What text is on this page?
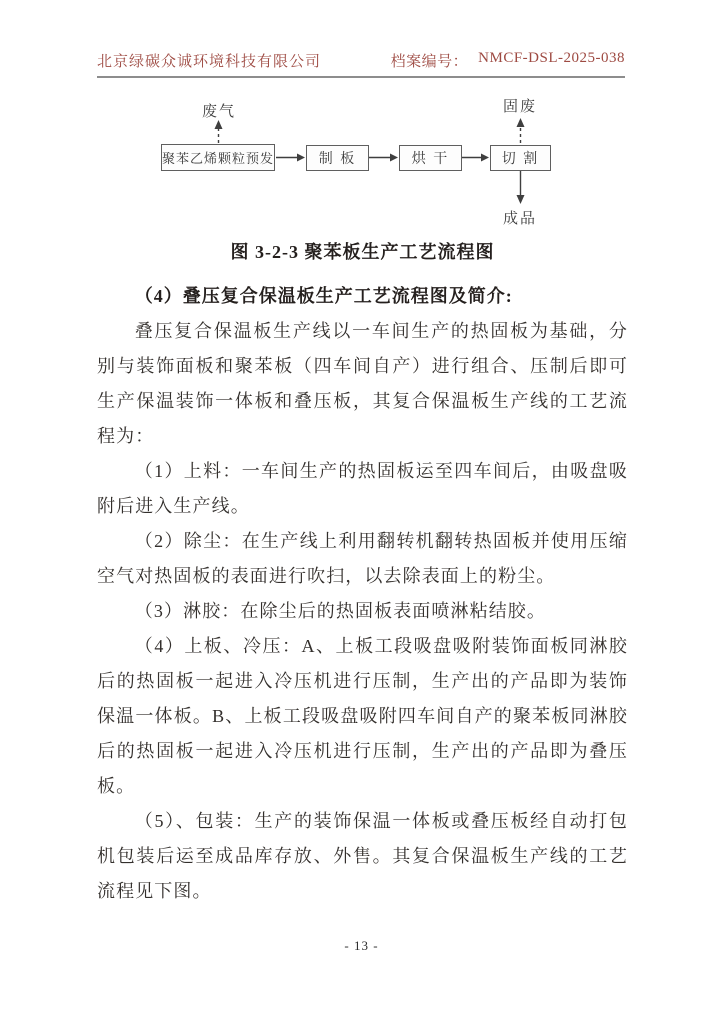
北京绿碳众诚环境科技有限公司	档案编号： NMCF-DSL-2025-038
废气	固废
聚苯乙烯颗粒预发	制 板	烘 干	切 割
成品
图 3-2-3 聚苯板生产工艺流程图

（4）叠压复合保温板生产工艺流程图及简介:

叠压复合保温板生产线以一车间生产的热固板为基础，分别与装饰面板和聚苯板（四车间自产）进行组合、压制后即可生产保温装饰一体板和叠压板，其复合保温板生产线的工艺流程为：

（1）上料：一车间生产的热固板运至四车间后，由吸盘吸附后进入生产线。

（2）除尘：在生产线上利用翻转机翻转热固板并使用压缩空气对热固板的表面进行吹扫，以去除表面上的粉尘。

（3）淋胶：在除尘后的热固板表面喷淋粘结胶。

（4）上板、冷压：A、上板工段吸盘吸附装饰面板同淋胶后的热固板一起进入冷压机进行压制，生产出的产品即为装饰保温一体板。B、上板工段吸盘吸附四车间自产的聚苯板同淋胶后的热固板一起进入冷压机进行压制，生产出的产品即为叠压板。

（5）、包装：生产的装饰保温一体板或叠压板经自动打包机包装后运至成品库存放、外售。其复合保温板生产线的工艺流程见下图。

- 13 -
